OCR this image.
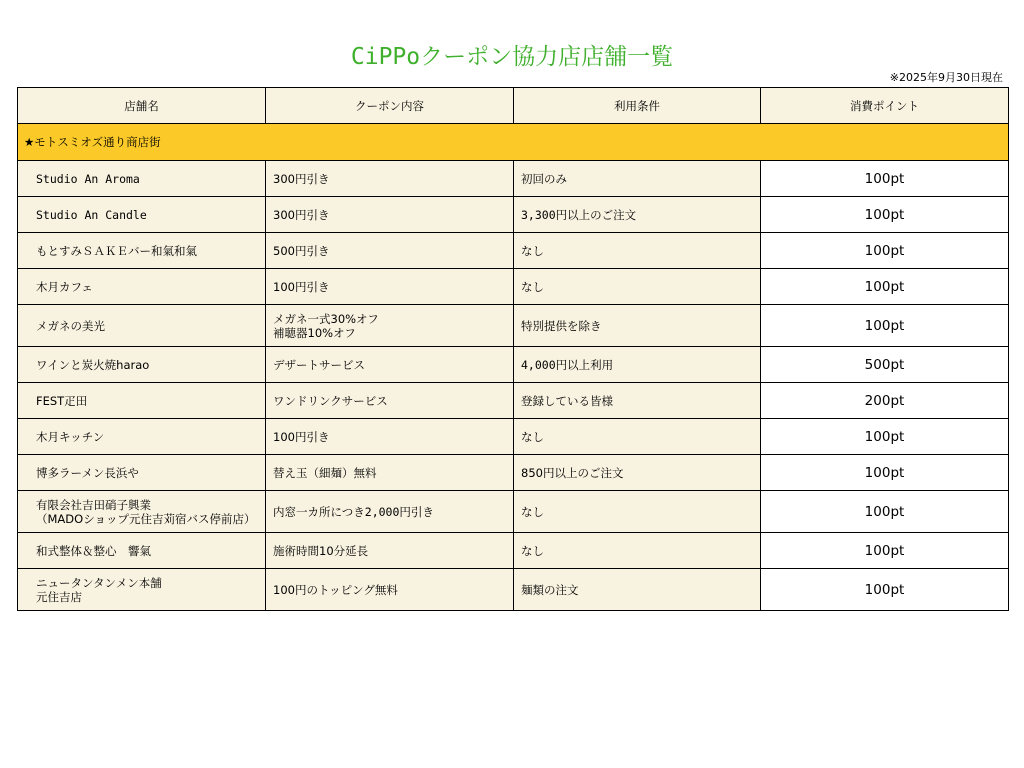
CiPPoクーポン協力店店舗一覧
※2025年9月30日現在
店舗名	クーポン内容	利用条件	消費ポイント
★モトスミオズ通り商店街			

Studio An Aroma	300円引き	初回のみ	100pt

Studio An Candle	300円引き	3,300円以上のご注文	100pt

もとすみＳＡＫＥバー和氣和氣	500円引き	なし	100pt

木月カフェ	100円引き	なし	100pt

メガネの美光	メガネ一式30%オフ
補聴器10%オフ	特別提供を除き	100pt

ワインと炭火焼harao	デザートサービス	4,000円以上利用	500pt

FEST疋田	ワンドリンクサービス	登録している皆様	200pt

木月キッチン	100円引き	なし	100pt

博多ラーメン長浜や	替え玉（細麺）無料	850円以上のご注文	100pt

有限会社吉田硝子興業
（MADOショップ元住吉苅宿バス停前店）	内窓一カ所につき2,000円引き	なし	100pt

和式整体＆整心　響氣	施術時間10分延長	なし	100pt

ニュータンタンメン本舗
元住吉店	100円のトッピング無料	麺類の注文	100pt
